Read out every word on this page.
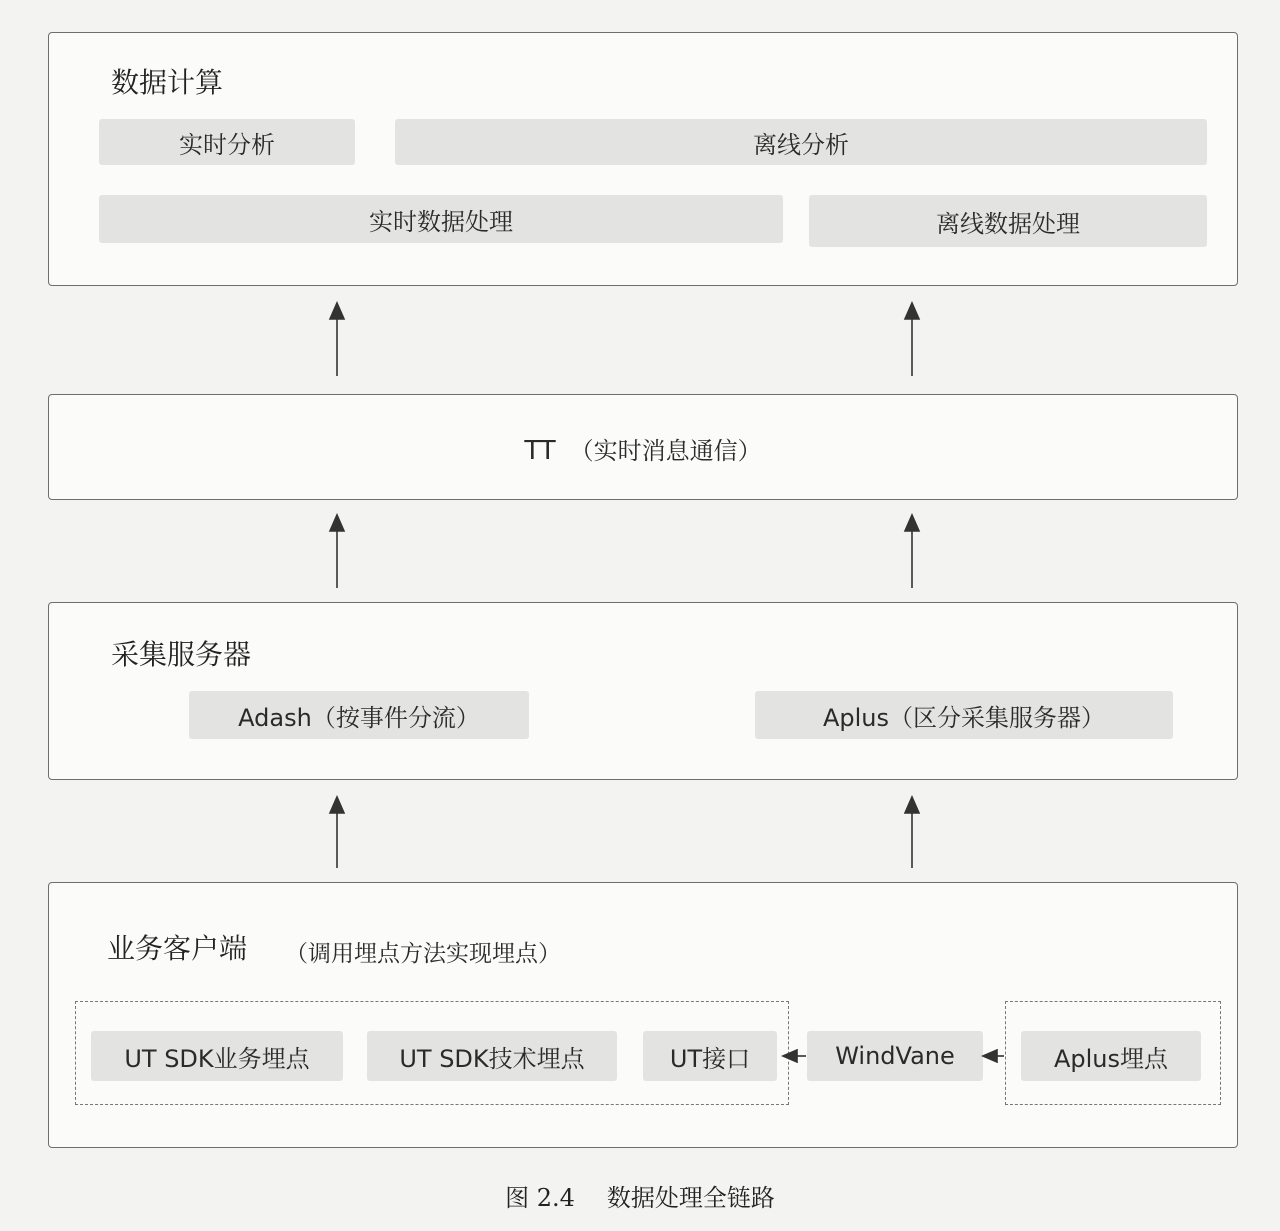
数据计算
实时分析	离线分析
实时数据处理	离线数据处理
TT （实时消息通信）
采集服务器
Adash（按事件分流）	Aplus（区分采集服务器）
业务客户端 （调用埋点方法实现埋点）
UT SDK业务埋点	UT SDK技术埋点	UT接口	WindVane	Aplus埋点
图 2.4 数据处理全链路
